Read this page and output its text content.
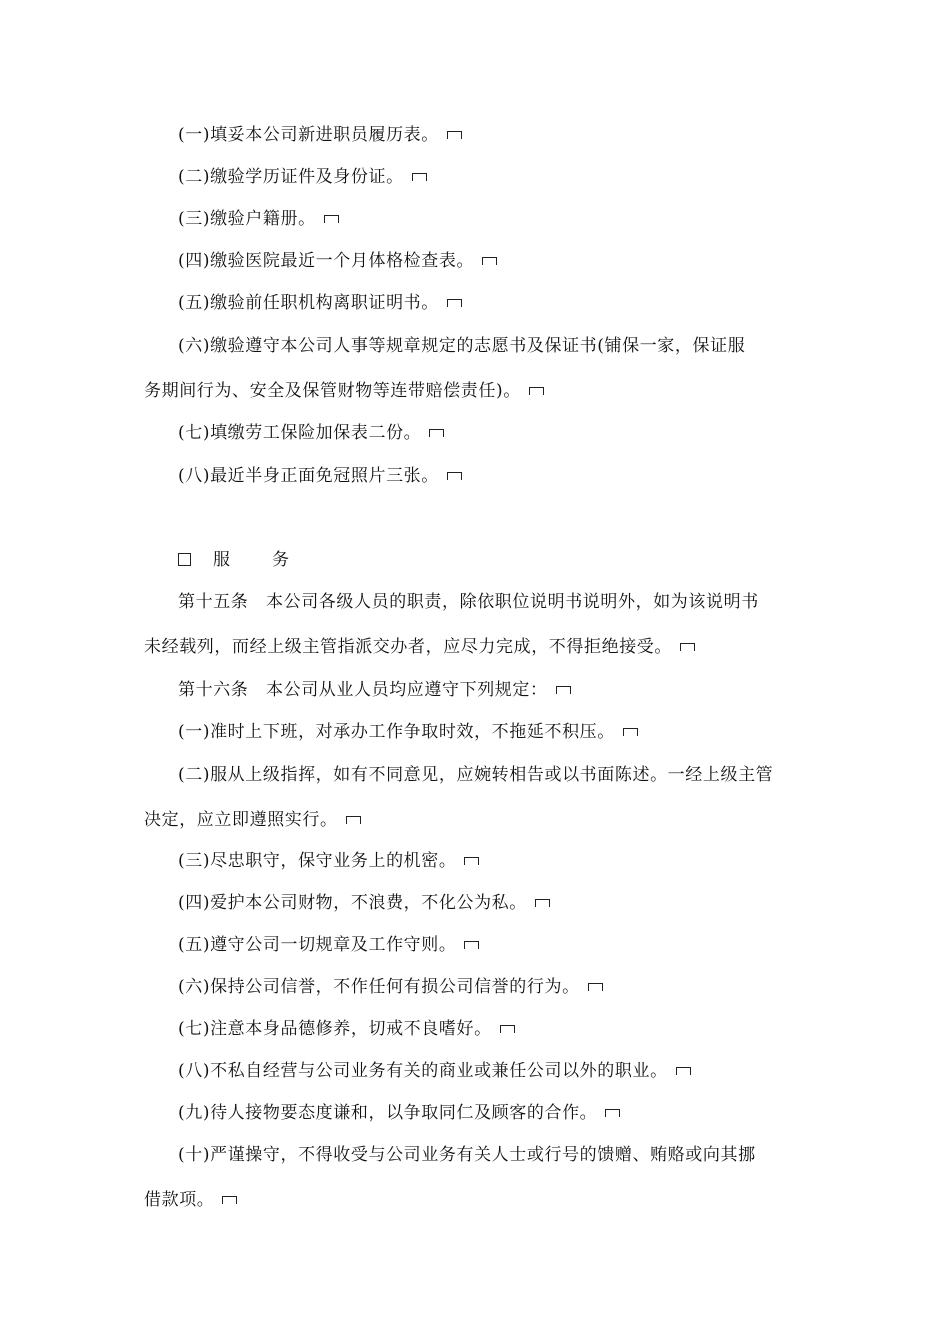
(一)填妥本公司新进职员履历表。
(二)缴验学历证件及身份证。
(三)缴验户籍册。
(四)缴验医院最近一个月体格检查表。
(五)缴验前任职机构离职证明书。
(六)缴验遵守本公司人事等规章规定的志愿书及保证书(铺保一家，保证服
务期间行为、安全及保管财物等连带赔偿责任)。
(七)填缴劳工保险加保表二份。
(八)最近半身正面免冠照片三张。
服 务
第十五条　本公司各级人员的职责，除依职位说明书说明外，如为该说明书
未经载列，而经上级主管指派交办者，应尽力完成，不得拒绝接受。
第十六条　本公司从业人员均应遵守下列规定：
(一)准时上下班，对承办工作争取时效，不拖延不积压。
(二)服从上级指挥，如有不同意见，应婉转相告或以书面陈述。一经上级主管
决定，应立即遵照实行。
(三)尽忠职守，保守业务上的机密。
(四)爱护本公司财物，不浪费，不化公为私。
(五)遵守公司一切规章及工作守则。
(六)保持公司信誉，不作任何有损公司信誉的行为。
(七)注意本身品德修养，切戒不良嗜好。
(八)不私自经营与公司业务有关的商业或兼任公司以外的职业。
(九)待人接物要态度谦和，以争取同仁及顾客的合作。
(十)严谨操守，不得收受与公司业务有关人士或行号的馈赠、贿赂或向其挪
借款项。
